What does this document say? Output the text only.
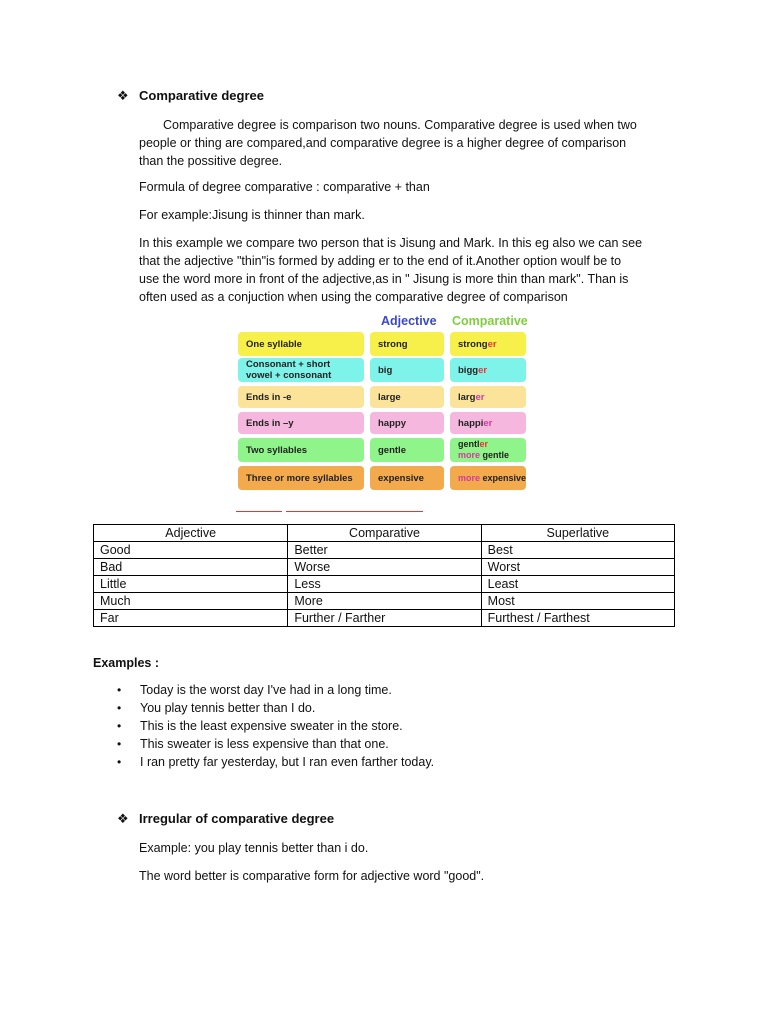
❖ Comparative degree
Comparative degree is comparison two nouns. Comparative degree is used when two
people or thing are compared,and comparative degree is a higher degree of comparison
than the possitive degree.
Formula of degree comparative : comparative + than
For example:Jisung is thinner than mark.
In this example we compare two person that is Jisung and Mark. In this eg also we can see
that the adjective "thin"is formed by adding er to the end of it.Another option woulf be to
use the word more in front of the adjective,as in " Jisung is more thin than mark". Than is
often used as a conjuction when using the comparative degree of comparison
Adjective Comparative
One syllable	strong	strong er
Consonant + short
vowel + consonant	big	bigg er
Ends in -e	large	larg er
Ends in –y	happy	happi er
Two syllables	gentle
gentler
more gentle
Three or more syllables	expensive	more
expensive
Adjective	Comparative	Superlative
Good	Better	Best
Bad	Worse	Worst
Little	Less	Least
Much	More	Most
Far	Further / Farther	Furthest / Farthest
Examples :
• Today is the worst day I've had in a long time.
• You play tennis better than I do.
• This is the least expensive sweater in the store.
• This sweater is less expensive than that one.
• I ran pretty far yesterday, but I ran even farther today.
❖ Irregular of comparative degree
Example: you play tennis better than i do.
The word better is comparative form for adjective word "good".
